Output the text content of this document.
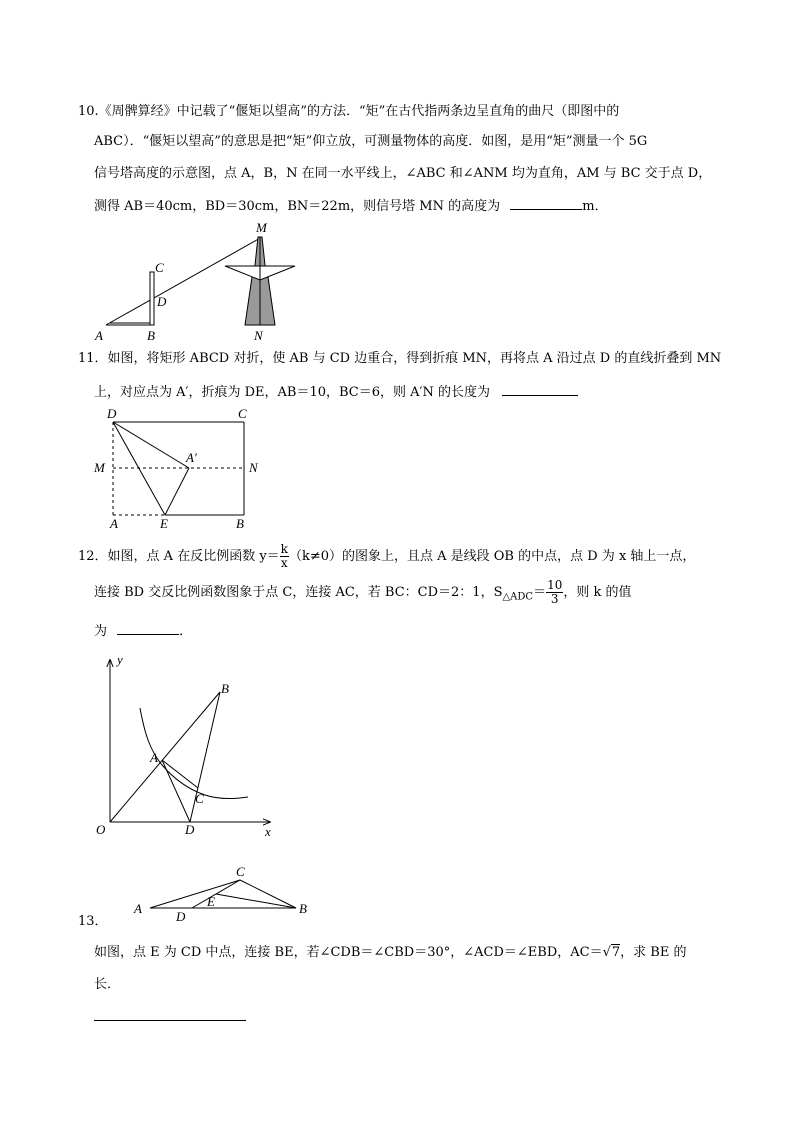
10.《周髀算经》中记载了“偃矩以望高”的方法．“矩”在古代指两条边呈直角的曲尺（即图中的
ABC）．“偃矩以望高”的意思是把“矩”仰立放，可测量物体的高度．如图，是用“矩”测量一个 5G
信号塔高度的示意图，点 A，B，N 在同一水平线上，∠ABC 和∠ANM 均为直角，AM 与 BC 交于点 D，
测得 AB＝40cm，BD＝30cm，BN＝22m，则信号塔 MN 的高度为	m．
M
C
D
A	B	N
11．如图，将矩形 ABCD 对折，使 AB 与 CD 边重合，得到折痕 MN，再将点 A 沿过点 D 的直线折叠到 MN
上，对应点为 A′，折痕为 DE，AB＝10，BC＝6，则 A′N 的长度为
D	C
M	N
A′
A	E	B
12．如图，点 A 在反比例函数 $y= \frac{k}{x} (k\ne 0)$的图象上，且点 A 是线段 OB 的中点，点 D 为 x 轴上一点，
连接 BD 交反比例函数图象于点 C，连接 AC，若 BC：CD＝2：1，$S_{\triangle ADC}= \frac{10}{3}$ ，则 k 的值
为	．
y
B
A
C
O	D	x
C
A	E	B
D
13．
如图，点 E 为 CD 中点，连接 BE，若∠CDB＝∠CBD＝30°，∠ACD＝∠EBD，AC＝√7，求 BE 的
长．
